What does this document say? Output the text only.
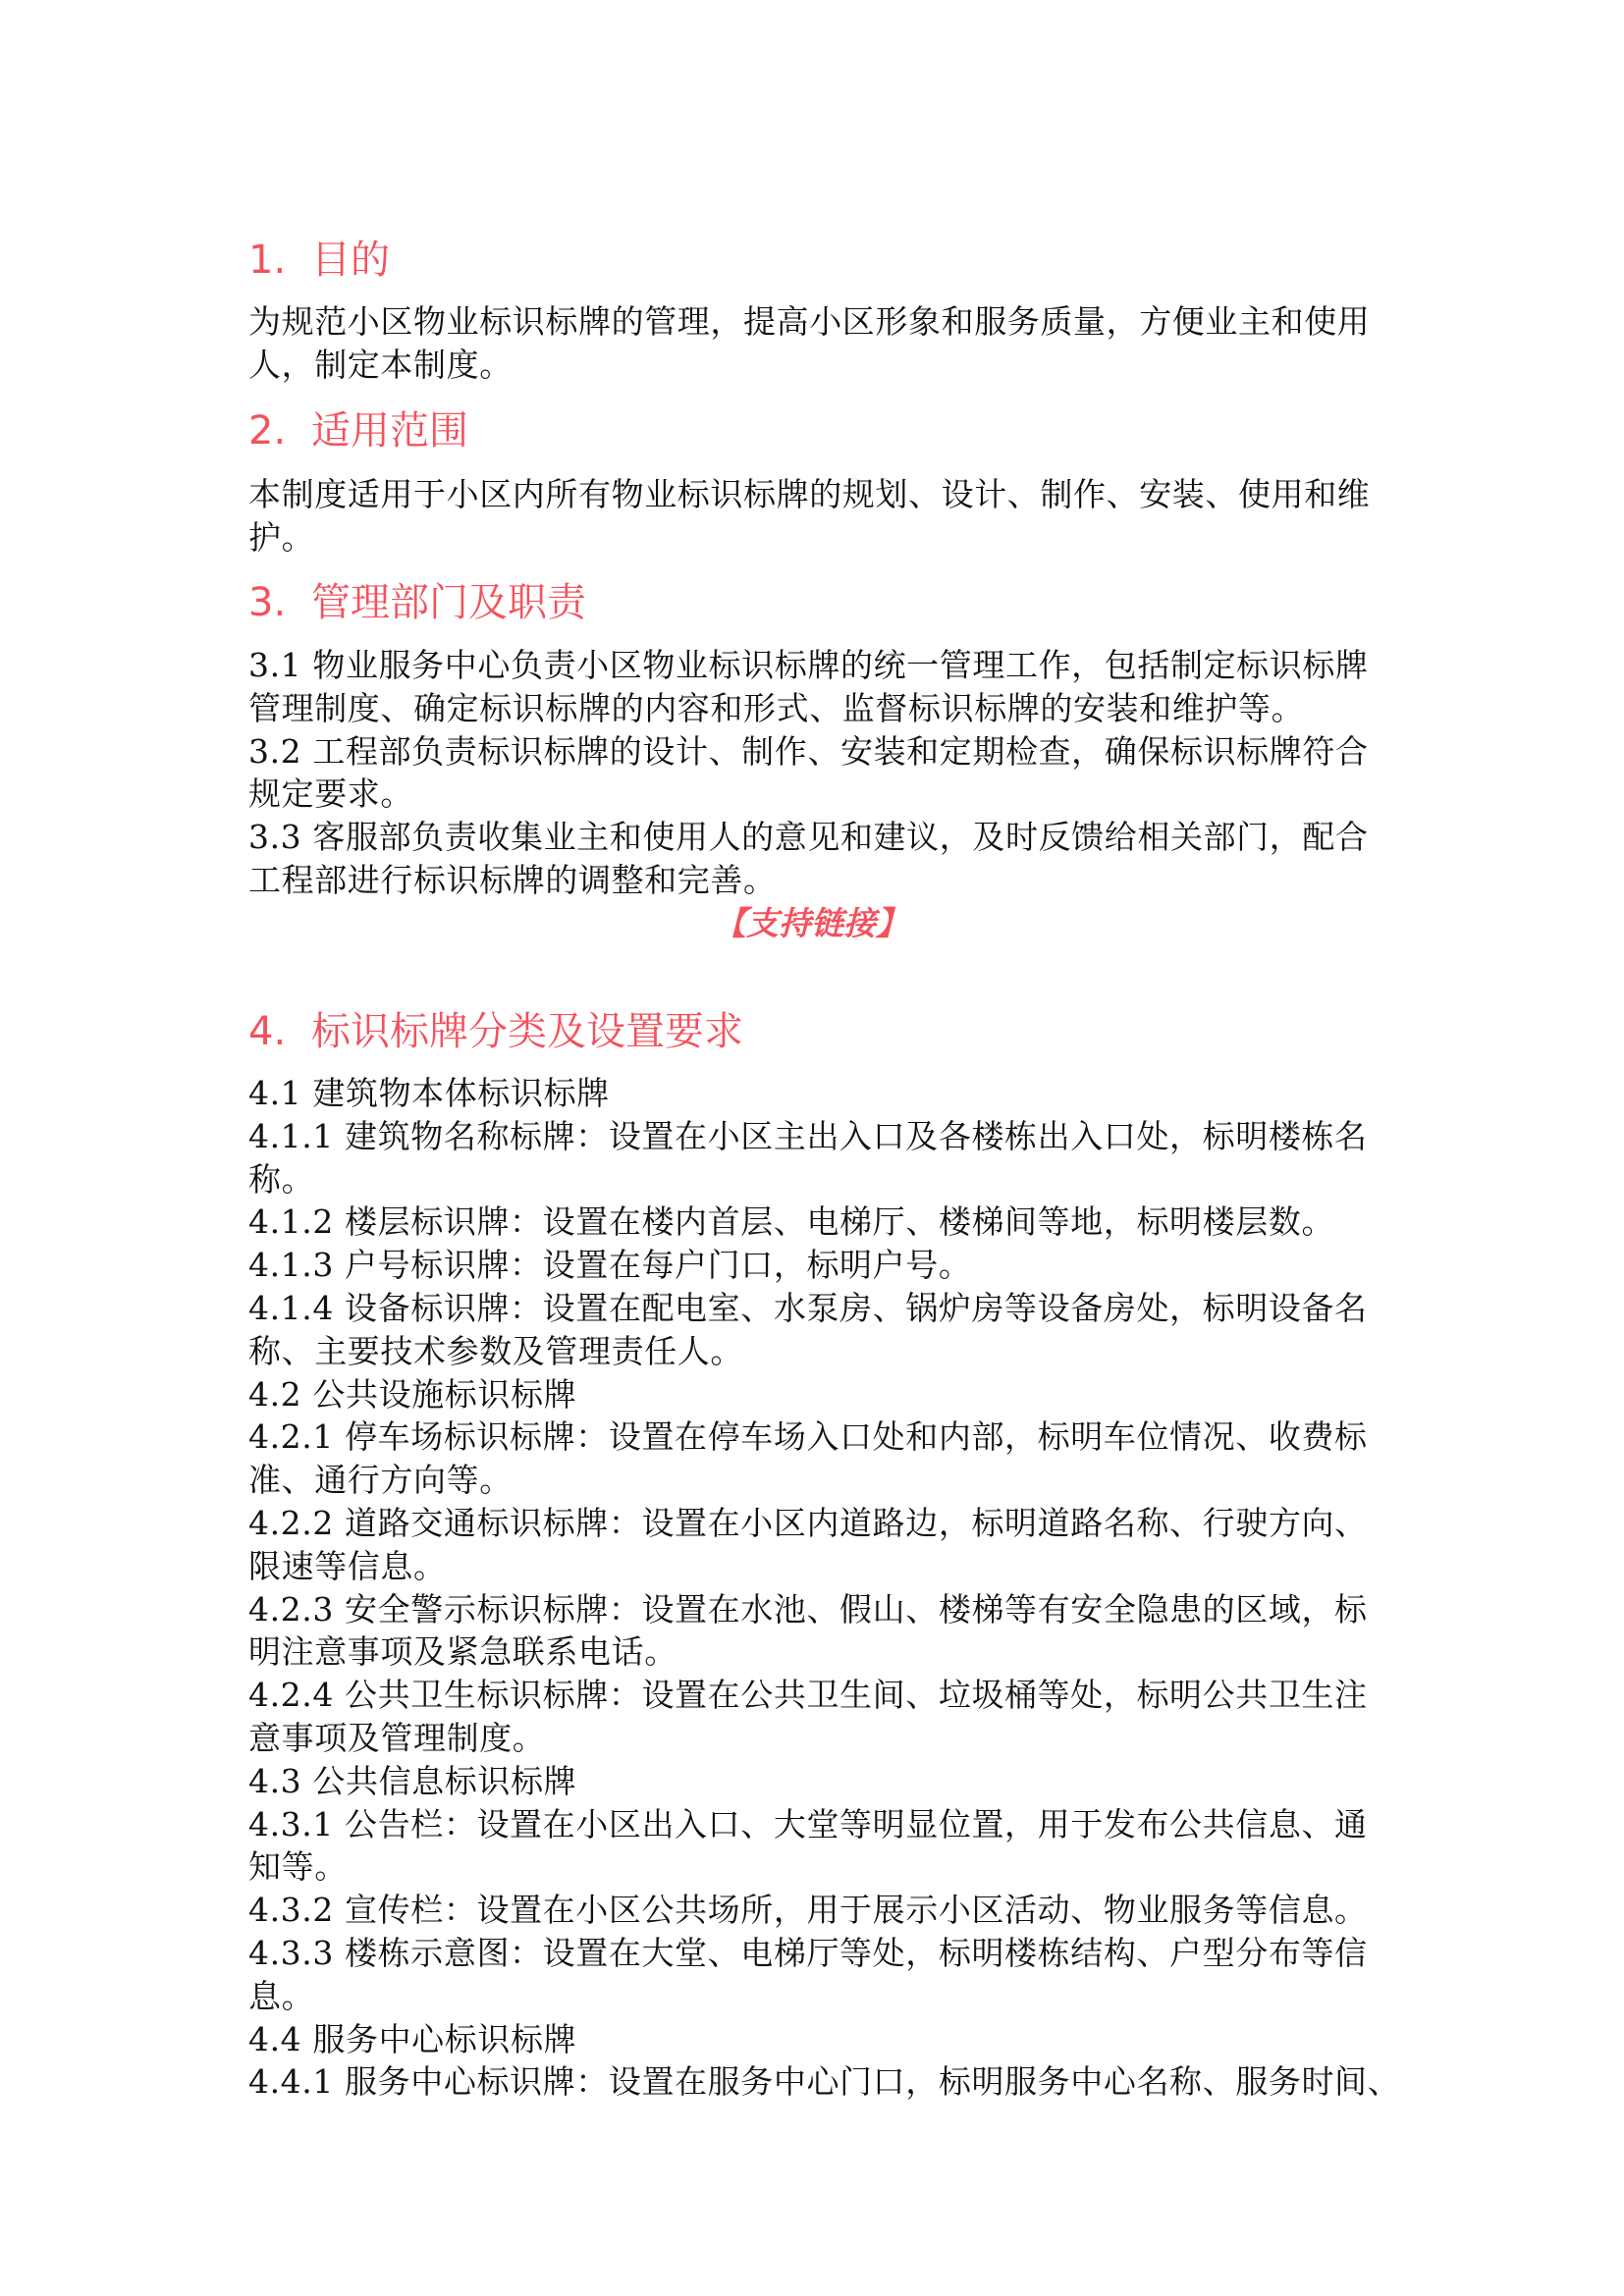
【支持链接】
1. 目的
为规范小区物业标识标牌的管理，提高小区形象和服务质量，方便业主和使用
人，制定本制度。
2. 适用范围
本制度适用于小区内所有物业标识标牌的规划、设计、制作、安装、使用和维
护。
3. 管理部门及职责
3.1 物业服务中心负责小区物业标识标牌的统一管理工作，包括制定标识标牌
管理制度、确定标识标牌的内容和形式、监督标识标牌的安装和维护等。
3.2 工程部负责标识标牌的设计、制作、安装和定期检查，确保标识标牌符合
规定要求。
3.3 客服部负责收集业主和使用人的意见和建议，及时反馈给相关部门，配合
工程部进行标识标牌的调整和完善。
4. 标识标牌分类及设置要求
4.1 建筑物本体标识标牌
4.1.1 建筑物名称标牌：设置在小区主出入口及各楼栋出入口处，标明楼栋名
称。
4.1.2 楼层标识牌：设置在楼内首层、电梯厅、楼梯间等地，标明楼层数。
4.1.3 户号标识牌：设置在每户门口，标明户号。
4.1.4 设备标识牌：设置在配电室、水泵房、锅炉房等设备房处，标明设备名
称、主要技术参数及管理责任人。
4.2 公共设施标识标牌
4.2.1 停车场标识标牌：设置在停车场入口处和内部，标明车位情况、收费标
准、通行方向等。
4.2.2 道路交通标识标牌：设置在小区内道路边，标明道路名称、行驶方向、
限速等信息。
4.2.3 安全警示标识标牌：设置在水池、假山、楼梯等有安全隐患的区域，标
明注意事项及紧急联系电话。
4.2.4 公共卫生标识标牌：设置在公共卫生间、垃圾桶等处，标明公共卫生注
意事项及管理制度。
4.3 公共信息标识标牌
4.3.1 公告栏：设置在小区出入口、大堂等明显位置，用于发布公共信息、通
知等。
4.3.2 宣传栏：设置在小区公共场所，用于展示小区活动、物业服务等信息。
4.3.3 楼栋示意图：设置在大堂、电梯厅等处，标明楼栋结构、户型分布等信
息。
4.4 服务中心标识标牌
4.4.1 服务中心标识牌：设置在服务中心门口，标明服务中心名称、服务时间、
